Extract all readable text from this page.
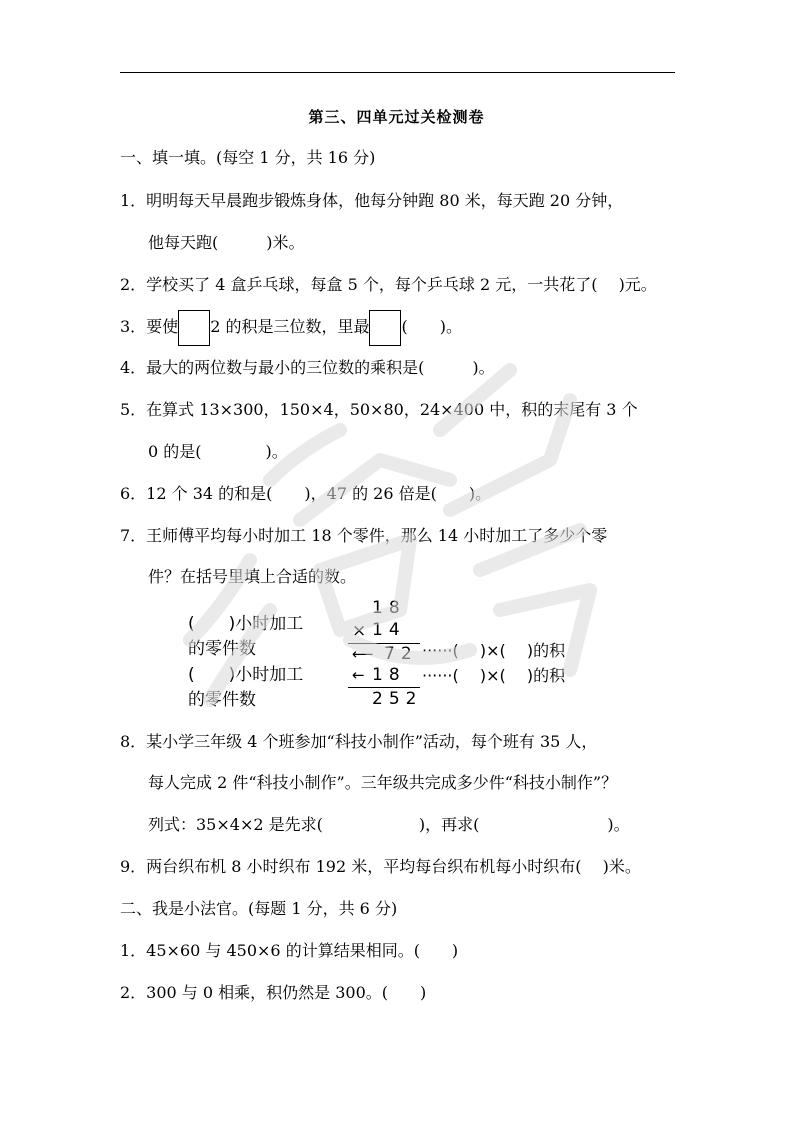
第三、四单元过关检测卷
一、填一填。(每空 1 分，共 16 分)
1．明明每天早晨跑步锻炼身体，他每分钟跑 80 米，每天跑 20 分钟，
他每天跑(　　　)米。
2．学校买了 4 盒乒乓球，每盒 5 个，每个乒乓球 2 元，一共花了(　 )元。
3．要使 2 的积是三位数，里最 (　　)。
4．最大的两位数与最小的三位数的乘积是(　　　)。
5．在算式 13×300，150×4，50×80，24×400 中，积的末尾有 3 个
0 的是(　　　　)。
6．12 个 34 的和是(　　)，47 的 26 倍是(　　)。
7．王师傅平均每小时加工 18 个零件，那么 14 小时加工了多少个零
件？在括号里填上合适的数。
(　　)小时加工
的零件数
(　　)小时加工
的零件数
18
× 14
⟵ 72
← 18
252
······(　 )×(　 )的积
······(　 )×(　 )的积
8．某小学三年级 4 个班参加“科技小制作”活动，每个班有 35 人，
每人完成 2 件“科技小制作”。三年级共完成多少件“科技小制作”？
列式：35×4×2 是先求(　　　　　　)，再求(　　　　　　　　)。
9．两台织布机 8 小时织布 192 米，平均每台织布机每小时织布(　 )米。
二、我是小法官。(每题 1 分，共 6 分)
1．45×60 与 450×6 的计算结果相同。(　　)
2．300 与 0 相乘，积仍然是 300。(　　)
